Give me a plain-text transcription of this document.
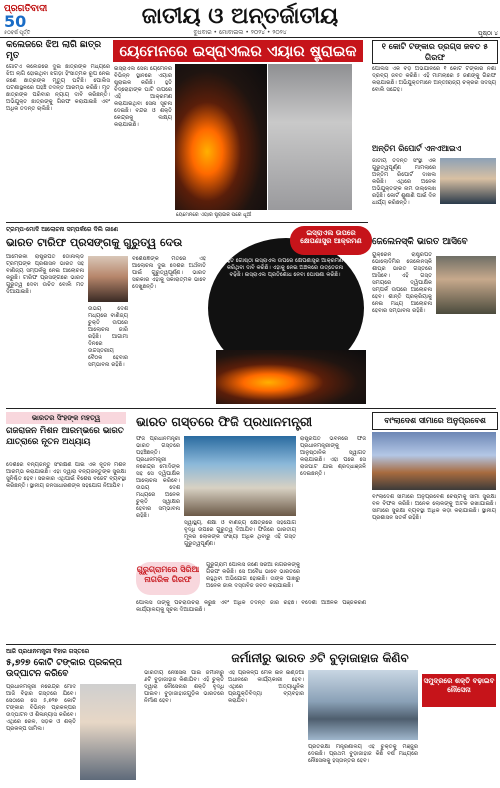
ପ୍ରଗତିବାଦୀ
50
୫୦ବର୍ଷ ପୂର୍ତ୍ତି
ଜାତୀୟ ଓ ଅନ୍ତର୍ଜାତୀୟ
ବୁଧବାର • ମୋବାଇଲ • ୨୦୨୪ • ୨୦୨୪	ପୃଷ୍ଠା ୪
କଲେଜରେ ଝିଅ ଲାଗି ଛାତ୍ର ମୃତ
ଗୋଟିଏ କଲେଜରେ ଦୁଇ ଛାତ୍ରଙ୍କ ମଧ୍ୟରେ ଝିଅ ଲାଗି ହୋଇଥିବା ଝଗଡ଼ା ହିଂସାତ୍ମକ ରୂପ ନେଇ ଜଣେ ଛାତ୍ରଙ୍କ ମୃତ୍ୟୁ ଘଟିଛି। ପୋଲିସ ଘଟଣାସ୍ଥଳରେ ପହଞ୍ଚି ତଦନ୍ତ ଆରମ୍ଭ କରିଛି। ମୃତ ଛାତ୍ରଙ୍କ ପରିବାର ନ୍ୟାୟ ଦାବି କରିଛନ୍ତି। ଅଭିଯୁକ୍ତ ଛାତ୍ରଙ୍କୁ ଗିରଫ କରାଯାଇଛି ଏବଂ ଅଧିକ ତଦନ୍ତ ଚାଲିଛି।
ୟେମେନରେ ଇସ୍ରାଏଲର ଏୟାର ଷ୍ଟ୍ରାଇକ
ଇସ୍ରାଏଲ ସେନା ୟେମେନର ବିଭିନ୍ନ ସ୍ଥାନରେ ଏୟାର ଷ୍ଟ୍ରାଇକ କରିଛି। ହୁତି ବିଦ୍ରୋହୀଙ୍କ ଘାଟି ଉପରେ ଏହି ଆକ୍ରମଣ କରାଯାଇଥିବା ସେନା ସୂଚନା ଦେଇଛି। ବନ୍ଦର ଓ ଶକ୍ତି କେନ୍ଦ୍ରକୁ ଲକ୍ଷ୍ୟ କରାଯାଇଛି।
ୟେମେନରେ ଏୟାର ଷ୍ଟ୍ରାଇକ ପରେ ଧୂଆଁ
୧ କୋଟି ଟଙ୍କାର ଡ୍ରଗ୍‌ସ ଜବତ ୫ ଗିରଫ
ପୋଲିସ ଏକ ବଡ଼ ଅଭିଯାନରେ ୧ କୋଟି ଟଙ୍କାର ନିଶା ଦ୍ରବ୍ୟ ଜବତ କରିଛି। ଏହି ମାମଲାରେ ୫ ଜଣଙ୍କୁ ଗିରଫ କରାଯାଇଛି। ଅଭିଯୁକ୍ତମାନେ ଅନ୍ତଃରାଜ୍ୟ ଚକ୍ରର ସଦସ୍ୟ ବୋଲି ସନ୍ଦେହ।
ଅନ୍ତିମ ରିପୋର୍ଟ ଏନଏଆଇଏ
ଜାତୀୟ ତଦନ୍ତ ସଂସ୍ଥା ଏକ ଗୁରୁତ୍ୱପୂର୍ଣ୍ଣ ମାମଲାରେ ଅନ୍ତିମ ରିପୋର୍ଟ ଦାଖଲ କରିଛି। ଏଥିରେ ଅନେକ ଅଭିଯୁକ୍ତଙ୍କ ନାମ ଉଲ୍ଲେଖ ରହିଛି। କୋର୍ଟ ଶୁଣାଣି ପାଇଁ ଦିନ ଧାର୍ଯ୍ୟ କରିଛନ୍ତି।
ଟ୍ରମ୍ପ-ମୋଦି ଆଲୋଚନା ସମ୍ପର୍କରେ ଦିଲି ଜାଣେ
ଭାରତ ଟାରିଫ ପ୍ରସଙ୍ଗକୁ ଗୁରୁତ୍ୱ ଦେଉ
ଆମେରିକା ରାଷ୍ଟ୍ରପତି ଡୋନାଲ୍ଡ ଟ୍ରମ୍ପଙ୍କ ପ୍ରଶାସନ ଭାରତ ସହ ବାଣିଜ୍ୟ ସମ୍ପର୍କକୁ ନେଇ ଆଲୋଚନା କରୁଛି। ଟାରିଫ ପ୍ରସଙ୍ଗରେ ଭାରତ ଗୁରୁତ୍ୱ ଦେବା ଉଚିତ ବୋଲି ମତ ଦିଆଯାଇଛି।
ଉଭୟ ଦେଶ ମଧ୍ୟରେ ବାଣିଜ୍ୟ ଚୁକ୍ତି ଉପରେ ଆଲୋଚନା ଜାରି ରହିଛି। ଆଗାମୀ ଦିନରେ ଉଚ୍ଚସ୍ତରୀୟ ବୈଠକ ହେବାର ସମ୍ଭାବନା ରହିଛି।
ବିଶେଷଜ୍ଞଙ୍କ ମତରେ ଏହି ଆଲୋଚନା ଦୁଇ ଦେଶର ଅର୍ଥନୀତି ପାଇଁ ଗୁରୁତ୍ୱପୂର୍ଣ୍ଣ। ଭାରତ ସରକାର ଏହାକୁ ସକାରାତ୍ମକ ଭାବେ ଦେଖୁଛନ୍ତି।
ହୁତି ଗୋଷ୍ଠୀ ଇସ୍ରାଏଲ ଉପରେ କ୍ଷେପଣାସ୍ତ୍ର ଆକ୍ରମଣ କରିଥିବା ଦାବି କରିଛି। ଏହାକୁ ନେଇ ଅଞ୍ଚଳରେ ଉତ୍ତେଜନା ବଢ଼ିଛି। ଇସ୍ରାଏଲ ପ୍ରତିଶୋଧ ନେବା ଘୋଷଣା କରିଛି।
ଇସ୍ରାଏଲ ଉପରେ କ୍ଷେପଣାସ୍ତ୍ର ଆକ୍ରମଣ	ଜେଲେନସ୍କି ଭାରତ ଆସିବେ
ୟୁକ୍ରେନ ରାଷ୍ଟ୍ରପତି ଭୋଲୋଦିମିର ଜେଲେନସ୍କି ଶୀଘ୍ର ଭାରତ ଗସ୍ତରେ ଆସିବେ। ଏହି ଗସ୍ତ ସମୟରେ ଦ୍ୱିପାକ୍ଷିକ ସମ୍ପର୍କ ଉପରେ ଆଲୋଚନା ହେବ। ଶାନ୍ତି ପ୍ରକ୍ରିୟାକୁ ନେଇ ମଧ୍ୟ ଆଲୋଚନା ହେବାର ସମ୍ଭାବନା ରହିଛି।
ଭାରତର ସିଂହଙ୍କ ମହତ୍ୱ
ଗଜରାଜନ ମିଶନ ଆରମ୍ଭରେ ଭାରତ ଯାତ୍ରାରେ ନୂତନ ଅଧ୍ୟାୟ
ଦେଶରେ ବନ୍ୟଜନ୍ତୁ ସଂରକ୍ଷଣ ପାଇଁ ଏକ ନୂତନ ମିଶନ ଆରମ୍ଭ କରାଯାଇଛି। ଏହା ଦ୍ୱାରା ବନ୍ୟଜନ୍ତୁଙ୍କ ସୁରକ୍ଷା ସୁନିଶ୍ଚିତ ହେବ। ସରକାର ଏଥିପାଇଁ ବିଶେଷ ବଜେଟ ବ୍ୟବସ୍ଥା କରିଛନ୍ତି। ସ୍ଥାନୀୟ ଜନସାଧାରଣଙ୍କ ସହଯୋଗ ନିଆଯିବ।
ଭାରତ ଗସ୍ତରେ ଫିଜି ପ୍ରଧାନମନ୍ତ୍ରୀ
ଫିଜି ପ୍ରଧାନମନ୍ତ୍ରୀ ଭାରତ ଗସ୍ତରେ ପହଞ୍ଚିଛନ୍ତି। ପ୍ରଧାନମନ୍ତ୍ରୀ ନରେନ୍ଦ୍ର ମୋଦିଙ୍କ ସହ ସେ ଦ୍ୱିପାକ୍ଷିକ ଆଲୋଚନା କରିବେ। ଉଭୟ ଦେଶ ମଧ୍ୟରେ ଅନେକ ଚୁକ୍ତି ସ୍ୱାକ୍ଷର ହେବାର ସମ୍ଭାବନା ରହିଛି।
ସ୍ୱାସ୍ଥ୍ୟ, ଶିକ୍ଷା ଓ ବାଣିଜ୍ୟ କ୍ଷେତ୍ରରେ ସହଯୋଗ ବୃଦ୍ଧି ଉପରେ ଗୁରୁତ୍ୱ ଦିଆଯିବ। ଫିଜିରେ ଭାରତୀୟ ମୂଳର ଲୋକଙ୍କ ସଂଖ୍ୟା ଅଧିକ ଥିବାରୁ ଏହି ଗସ୍ତ ଗୁରୁତ୍ୱପୂର୍ଣ୍ଣ।
ରାଷ୍ଟ୍ରପତି ଭବନରେ ଫିଜି ପ୍ରଧାନମନ୍ତ୍ରୀଙ୍କୁ ଆନୁଷ୍ଠାନିକ ସ୍ୱାଗତ କରାଯାଇଛି। ଏହା ପରେ ସେ ରାଜଘାଟ ଯାଇ ଶ୍ରଦ୍ଧାଞ୍ଜଳି ଦେଇଛନ୍ତି।
ଗୁରୁଗ୍ରାମରେ ସିରିଆ ନାଗରିକ ଗିରଫ
ଗୁରୁଗ୍ରାମ ପୋଲିସ ଜଣେ ସିରିଆ ନାଗରିକଙ୍କୁ ଗିରଫ କରିଛି। ସେ ଅବୈଧ ଭାବେ ଭାରତରେ ରହୁଥିବା ଅଭିଯୋଗ ହୋଇଛି। ତାଙ୍କ ପାଖରୁ ଅନେକ ଜାଲ ଦସ୍ତାବିଜ ଜବତ କରାଯାଇଛି।
ପୋଲିସ ତାଙ୍କୁ ପଚରାଉଚରା କରୁଛି ଏବଂ ଅଧିକ ତଦନ୍ତ ଜାରି ରହିଛି। ବିଦେଶୀ ଆଞ୍ଚଳିକ ପଞ୍ଜିକରଣ କାର୍ଯ୍ୟାଳୟକୁ ସୂଚନା ଦିଆଯାଇଛି।
ବାଂଲାଦେଶ ସୀମାରେ ଅନୁପ୍ରବେଶ
ବାଂଲାଦେଶ ସୀମାରେ ଅନୁପ୍ରବେଶ ଚେଷ୍ଟାକୁ ସୀମା ସୁରକ୍ଷା ବଳ ବିଫଳ କରିଛି। ଅନେକ ଲୋକଙ୍କୁ ଅଟକ ରଖାଯାଇଛି। ସୀମାରେ ସୁରକ୍ଷା ବ୍ୟବସ୍ଥା ଅଧିକ କଡ଼ା କରାଯାଇଛି। ସ୍ଥାନୀୟ ପ୍ରଶାସନ ସତର୍କ ରହିଛି।
ଆଜି ପ୍ରଧାନମନ୍ତ୍ରୀ ବିହାର ଗସ୍ତରେ
୫,୭୨୭ କୋଟି ଟଙ୍କାର ପ୍ରକଳ୍ପ ଉଦ୍‌ଘାଟନ କରିବେ
ପ୍ରଧାନମନ୍ତ୍ରୀ ନରେନ୍ଦ୍ର ମୋଦି ଆଜି ବିହାର ଗସ୍ତରେ ଯିବେ। ସେଠାରେ ସେ ୫,୭୨୭ କୋଟି ଟଙ୍କାର ବିଭିନ୍ନ ପ୍ରକଳ୍ପର ଉଦ୍‌ଘାଟନ ଓ ଶିଳାନ୍ୟାସ କରିବେ। ଏଥିରେ ରେଳ, ସଡ଼କ ଓ ଶକ୍ତି ପ୍ରକଳ୍ପ ସାମିଲ।
ଜର୍ମାନୀରୁ ଭାରତ ୬ଟି ବୁଡ଼ାଜାହାଜ କିଣିବ
ଭାରତୀୟ ନୌସେନା ପାଇଁ ଜର୍ମାନୀରୁ ୬ଟି ବୁଡ଼ାଜାହାଜ କିଣାଯିବ। ଏହି ଚୁକ୍ତି ଦ୍ୱାରା ନୌସେନାର ଶକ୍ତି ବୃଦ୍ଧି ପାଇବ। ବୁଡ଼ାଜାହାଜଗୁଡ଼ିକ ଭାରତରେ ନିର୍ମାଣ ହେବ।
ଏହି ପ୍ରକଳ୍ପ ମେକ ଇନ ଇଣ୍ଡିଆ ଅଧୀନରେ କାର୍ଯ୍ୟକାରୀ ହେବ। ଏଥିରେ ଅତ୍ୟାଧୁନିକ ପ୍ରଯୁକ୍ତିବିଦ୍ୟା ବ୍ୟବହାର କରାଯିବ।
ପ୍ରତିରକ୍ଷା ମନ୍ତ୍ରଣାଳୟ ଏହି ଚୁକ୍ତିକୁ ମଞ୍ଜୁରି ଦେଇଛି। ପ୍ରଥମ ବୁଡ଼ାଜାହାଜ କିଛି ବର୍ଷ ମଧ୍ୟରେ ନୌସେନାକୁ ହସ୍ତାନ୍ତର ହେବ।
ସମୁଦ୍ରରେ ଶକ୍ତି ବଢ଼ାଇବ ନୌସେନା
